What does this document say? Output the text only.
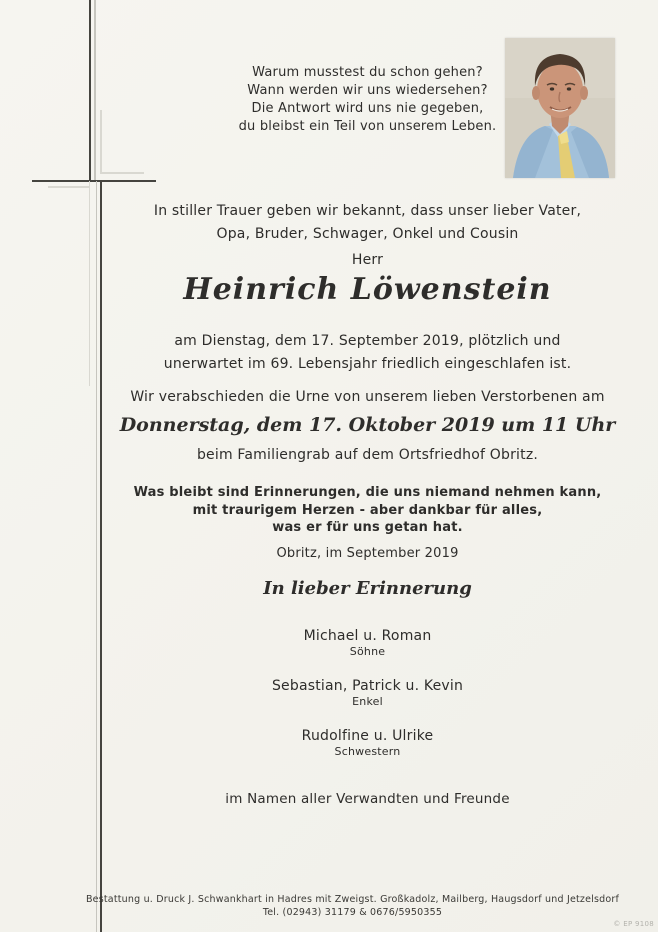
Warum musstest du schon gehen?
Wann werden wir uns wiedersehen?
Die Antwort wird uns nie gegeben,
du bleibst ein Teil von unserem Leben.
In stiller Trauer geben wir bekannt, dass unser lieber Vater,
Opa, Bruder, Schwager, Onkel und Cousin
Herr
Heinrich Löwenstein
am Dienstag, dem 17. September 2019, plötzlich und
unerwartet im 69. Lebensjahr friedlich eingeschlafen ist.
Wir verabschieden die Urne von unserem lieben Verstorbenen am
Donnerstag, dem 17. Oktober 2019 um 11 Uhr
beim Familiengrab auf dem Ortsfriedhof Obritz.
Was bleibt sind Erinnerungen, die uns niemand nehmen kann,
mit traurigem Herzen - aber dankbar für alles,
was er für uns getan hat.
Obritz, im September 2019
In lieber Erinnerung
Michael u. Roman
Söhne
Sebastian, Patrick u. Kevin
Enkel
Rudolfine u. Ulrike
Schwestern
im Namen aller Verwandten und Freunde
Bestattung u. Druck J. Schwankhart in Hadres mit Zweigst. Großkadolz, Mailberg, Haugsdorf und Jetzelsdorf
Tel. (02943) 31179 & 0676/5950355
© EP 9108
